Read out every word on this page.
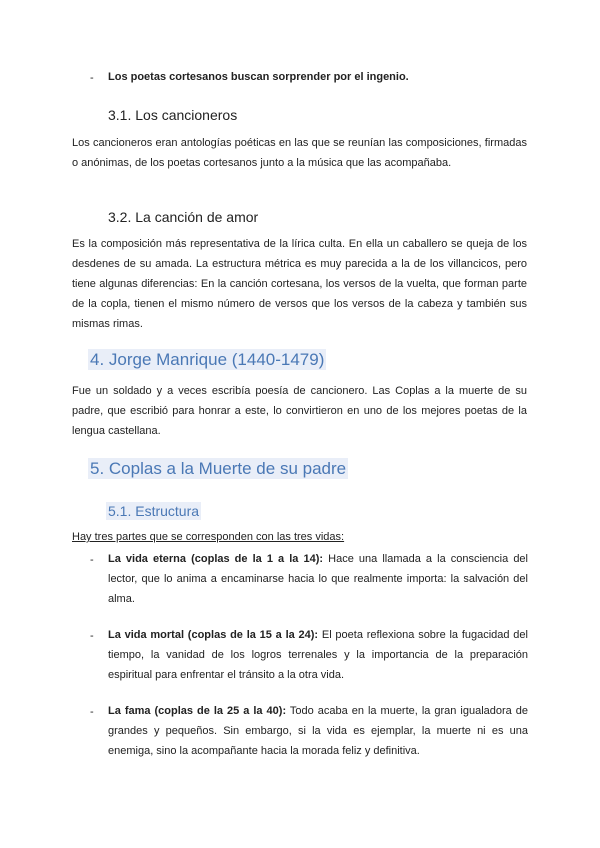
- Los poetas cortesanos buscan sorprender por el ingenio.
3.1. Los cancioneros
Los cancioneros eran antologías poéticas en las que se reunían las composiciones, firmadas o anónimas, de los poetas cortesanos junto a la música que las acompañaba.
3.2. La canción de amor
Es la composición más representativa de la lírica culta. En ella un caballero se queja de los desdenes de su amada. La estructura métrica es muy parecida a la de los villancicos, pero tiene algunas diferencias: En la canción cortesana, los versos de la vuelta, que forman parte de la copla, tienen el mismo número de versos que los versos de la cabeza y también sus mismas rimas.
4. Jorge Manrique (1440-1479)
Fue un soldado y a veces escribía poesía de cancionero. Las Coplas a la muerte de su padre, que escribió para honrar a este, lo convirtieron en uno de los mejores poetas de la lengua castellana.
5. Coplas a la Muerte de su padre
5.1. Estructura
Hay tres partes que se corresponden con las tres vidas:
- La vida eterna (coplas de la 1 a la 14): Hace una llamada a la consciencia del lector, que lo anima a encaminarse hacia lo que realmente importa: la salvación del alma.
- La vida mortal (coplas de la 15 a la 24): El poeta reflexiona sobre la fugacidad del tiempo, la vanidad de los logros terrenales y la importancia de la preparación espiritual para enfrentar el tránsito a la otra vida.
- La fama (coplas de la 25 a la 40): Todo acaba en la muerte, la gran igualadora de grandes y pequeños. Sin embargo, si la vida es ejemplar, la muerte ni es una enemiga, sino la acompañante hacia la morada feliz y definitiva.
